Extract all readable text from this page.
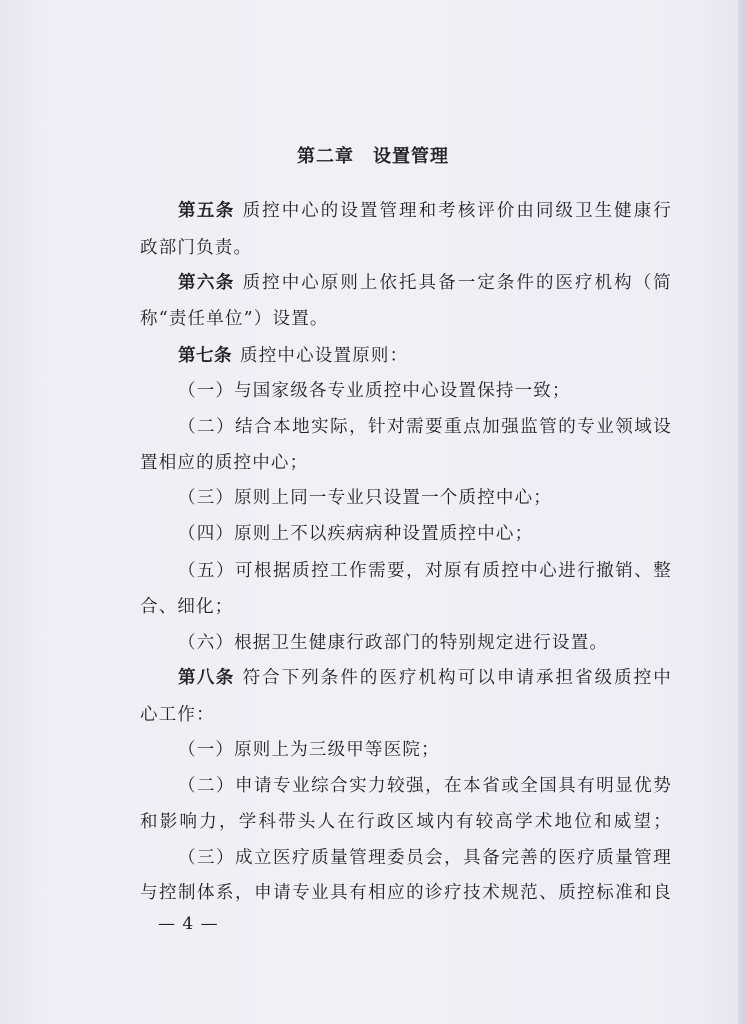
第二章　设置管理
第五条 质控中心的设置管理和考核评价由同级卫生健康行
政部门负责。
第六条 质控中心原则上依托具备一定条件的医疗机构（简
称“责任单位”）设置。
第七条 质控中心设置原则：
（一）与国家级各专业质控中心设置保持一致；
（二）结合本地实际，针对需要重点加强监管的专业领域设
置相应的质控中心；
（三）原则上同一专业只设置一个质控中心；
（四）原则上不以疾病病种设置质控中心；
（五）可根据质控工作需要，对原有质控中心进行撤销、整
合、细化；
（六）根据卫生健康行政部门的特别规定进行设置。
第八条 符合下列条件的医疗机构可以申请承担省级质控中
心工作：
（一）原则上为三级甲等医院；
（二）申请专业综合实力较强，在本省或全国具有明显优势
和影响力，学科带头人在行政区域内有较高学术地位和威望；
（三）成立医疗质量管理委员会，具备完善的医疗质量管理
与控制体系，申请专业具有相应的诊疗技术规范、质控标准和良
— 4 —
